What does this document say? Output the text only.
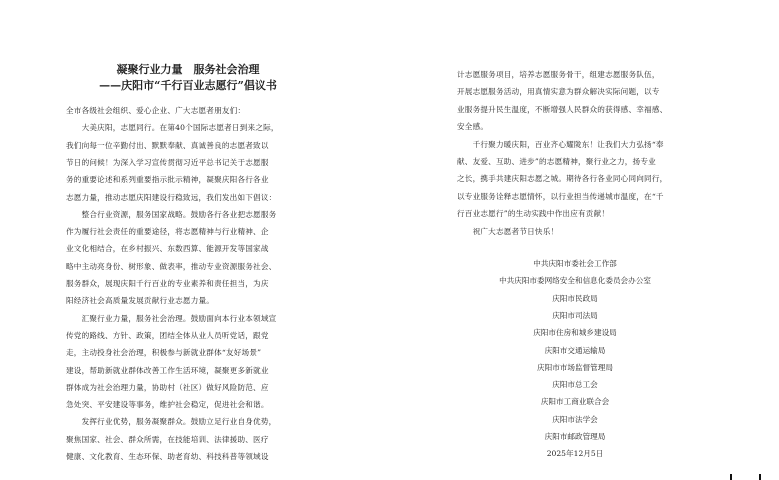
凝聚行业力量　服务社会治理
——庆阳市“千行百业志愿行”倡议书
全市各级社会组织、爱心企业、广大志愿者朋友们：
　　大美庆阳，志愿同行。在第40个国际志愿者日到来之际，
我们向每一位辛勤付出、默默奉献、真诚善良的志愿者致以
节日的问候！为深入学习宣传贯彻习近平总书记关于志愿服
务的重要论述和系列重要指示批示精神，凝聚庆阳各行各业
志愿力量，推动志愿庆阳建设行稳致远，我们发出如下倡议：
　　整合行业资源，服务国家战略。鼓励各行各业把志愿服务
作为履行社会责任的重要途径，将志愿精神与行业精神、企
业文化相结合，在乡村振兴、东数西算、能源开发等国家战
略中主动亮身份、树形象、做表率，推动专业资源服务社会、
服务群众，展现庆阳千行百业的专业素养和责任担当，为庆
阳经济社会高质量发展贡献行业志愿力量。
　　汇聚行业力量，服务社会治理。鼓励面向本行业本领域宣
传党的路线、方针、政策，团结全体从业人员听党话，跟党
走，主动投身社会治理，积极参与新就业群体“友好场景”
建设，帮助新就业群体改善工作生活环境，凝聚更多新就业
群体成为社会治理力量，协助村（社区）做好风险防范、应
急处突、平安建设等事务，维护社会稳定，促进社会和谐。
　　发挥行业优势，服务凝聚群众。鼓励立足行业自身优势，
聚焦国家、社会、群众所需，在技能培训、法律援助、医疗
健康、文化教育、生态环保、助老育幼、科技科普等领域设
计志愿服务项目，培养志愿服务骨干，组建志愿服务队伍，
开展志愿服务活动，用真情实意为群众解决实际问题，以专
业服务提升民生温度，不断增强人民群众的获得感、幸福感、
安全感。
　　千行聚力暖庆阳，百业齐心耀陇东！让我们大力弘扬“奉
献、友爱、互助、进步”的志愿精神，聚行业之力，扬专业
之长，携手共建庆阳志愿之城。期待各行各业同心同向同行，
以专业服务诠释志愿情怀，以行业担当传递城市温度，在“千
行百业志愿行”的生动实践中作出应有贡献！
　　祝广大志愿者节日快乐！
中共庆阳市委社会工作部
中共庆阳市委网络安全和信息化委员会办公室
庆阳市民政局
庆阳市司法局
庆阳市住房和城乡建设局
庆阳市交通运输局
庆阳市市场监督管理局
庆阳市总工会
庆阳市工商业联合会
庆阳市法学会
庆阳市邮政管理局
2025年12月5日
